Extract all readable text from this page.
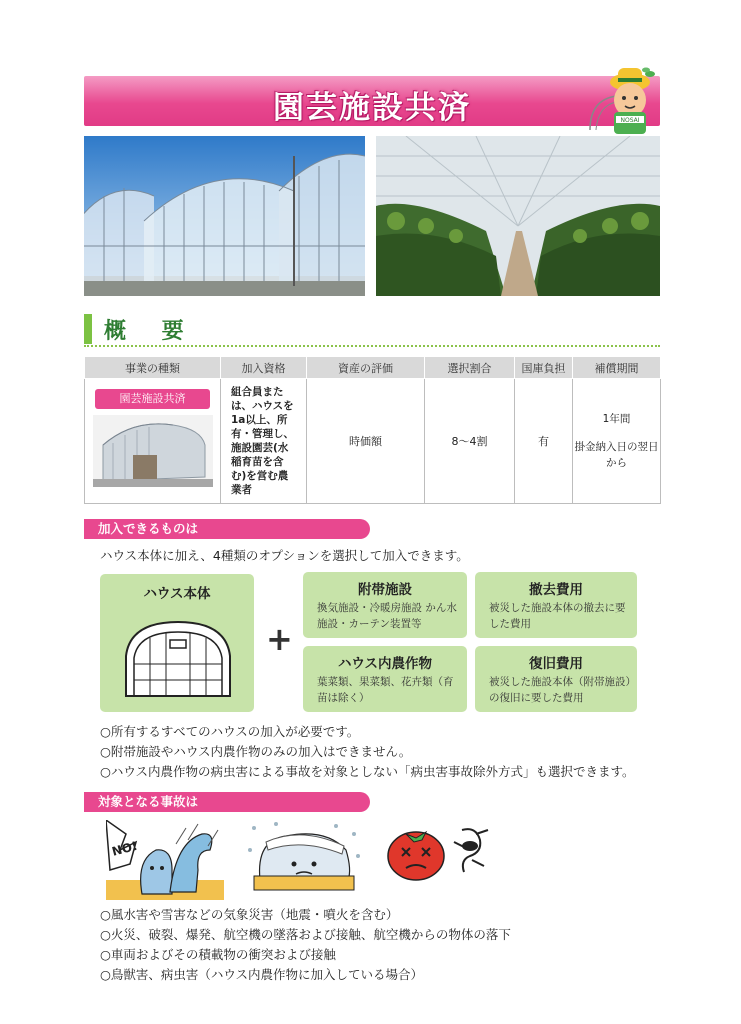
園芸施設共済	NOSAI
概 要
事業の種類	加入資格	資産の評価	選択割合	国庫負担	補償期間

園芸施設共済	組合員または、ハウスを1a以上、所有・管理し、施設園芸(水稲育苗を含む)を営む農業者	時価額	8～4割	有	1年間
掛金納入日の翌日から
加入できるものは
ハウス本体に加え、4種類のオプションを選択して加入できます。
ハウス本体
+
附帯施設
換気施設・冷暖房施設 かん水施設・カーテン装置等
撤去費用
被災した施設本体の撤去に要した費用
ハウス内農作物
葉菜類、果菜類、花卉類（育苗は除く）
復旧費用
被災した施設本体（附帯施設）の復旧に要した費用
○所有するすべてのハウスの加入が必要です。
○附帯施設やハウス内農作物のみの加入はできません。
○ハウス内農作物の病虫害による事故を対象としない「病虫害事故除外方式」も選択できます。
対象となる事故は
NO!
○風水害や雪害などの気象災害（地震・噴火を含む）
○火災、破裂、爆発、航空機の墜落および接触、航空機からの物体の落下
○車両およびその積載物の衝突および接触
○鳥獣害、病虫害（ハウス内農作物に加入している場合）
